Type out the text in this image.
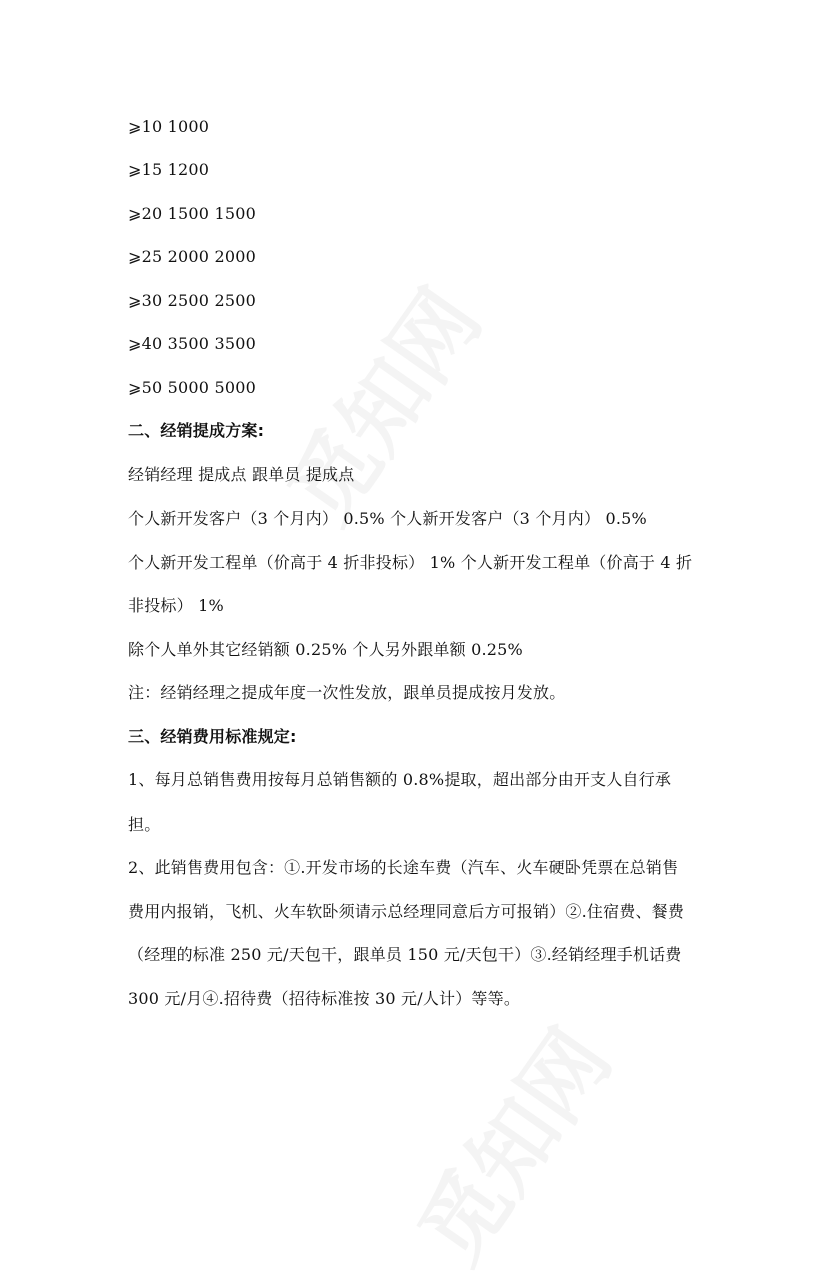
⩾10 1000
⩾15 1200
⩾20 1500 1500
⩾25 2000 2000
⩾30 2500 2500
⩾40 3500 3500
⩾50 5000 5000
二、经销提成方案:
经销经理 提成点 跟单员 提成点
个人新开发客户（3 个月内） 0.5% 个人新开发客户（3 个月内） 0.5%
个人新开发工程单（价高于 4 折非投标） 1% 个人新开发工程单（价高于 4 折
非投标） 1%
除个人单外其它经销额 0.25% 个人另外跟单额 0.25%
注：经销经理之提成年度一次性发放，跟单员提成按月发放。
三、经销费用标准规定:
1、每月总销售费用按每月总销售额的 0.8%提取，超出部分由开支人自行承
担。
2、此销售费用包含：①.开发市场的长途车费（汽车、火车硬卧凭票在总销售
费用内报销，飞机、火车软卧须请示总经理同意后方可报销）②.住宿费、餐费
（经理的标准 250 元/天包干，跟单员 150 元/天包干）③.经销经理手机话费
300 元/月④.招待费（招待标准按 30 元/人计）等等。
